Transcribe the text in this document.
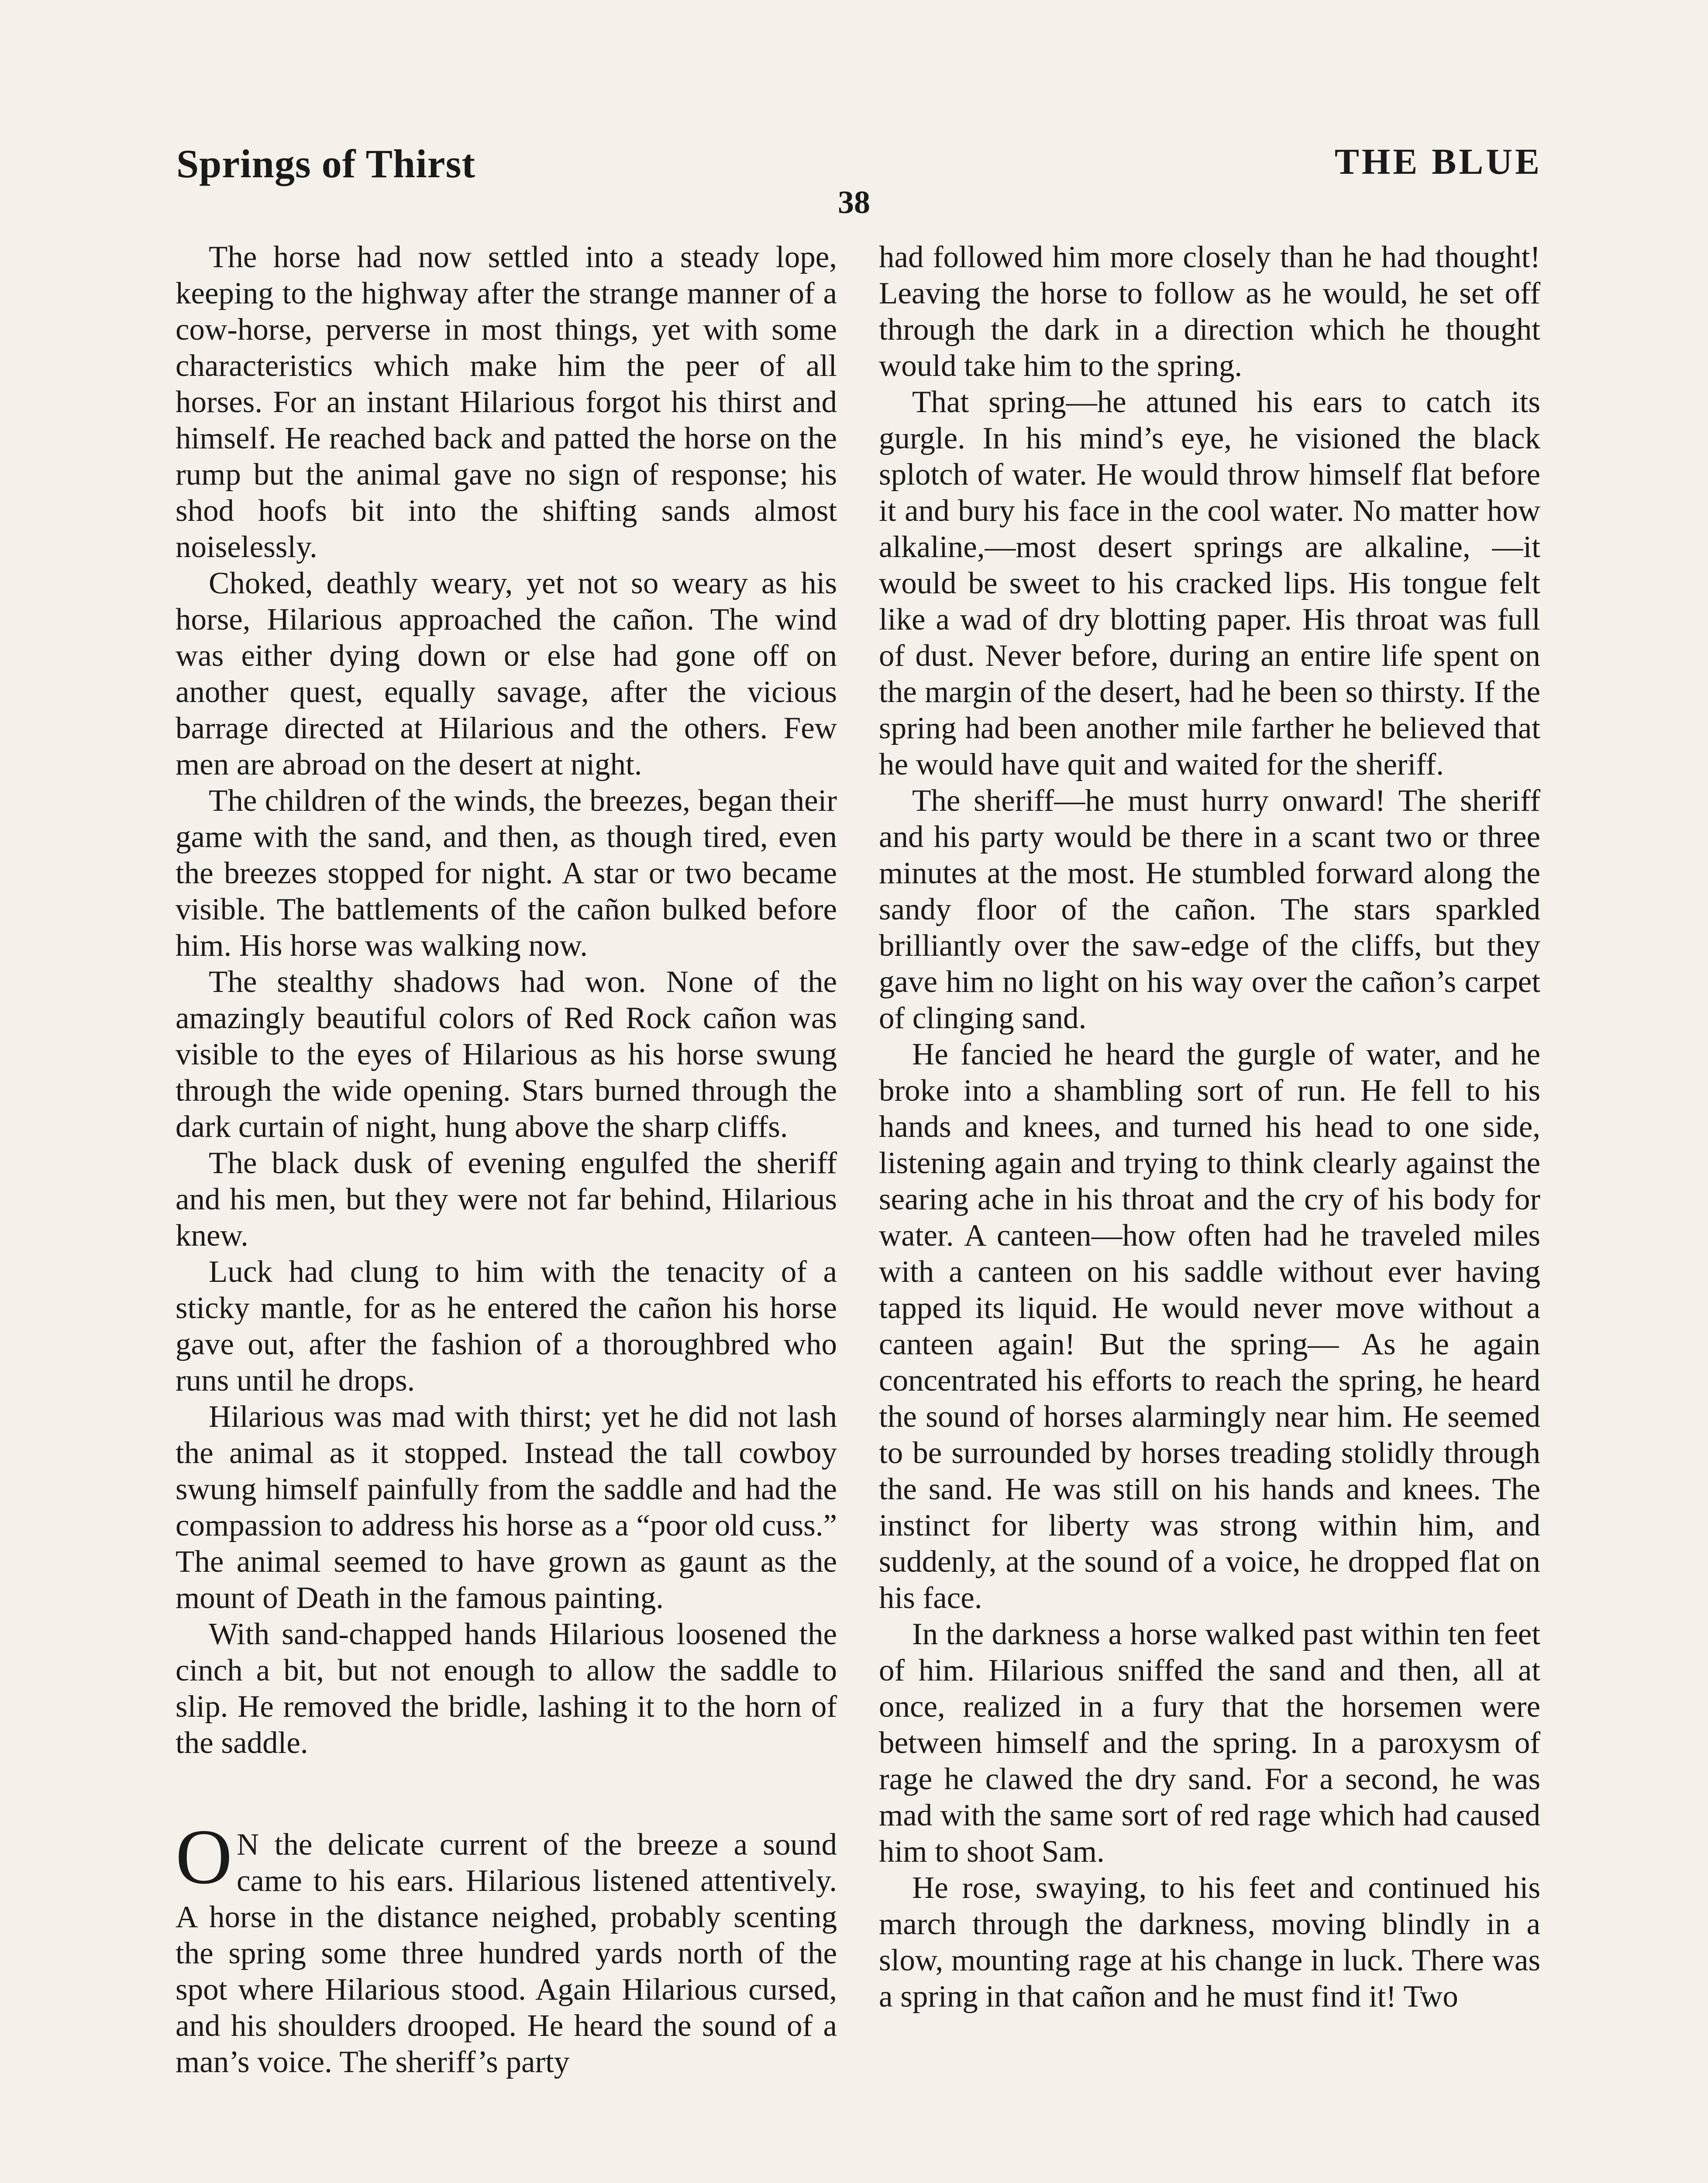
Springs of Thirst	THE BLUE
38

The horse had now settled into a steady lope, keeping to the highway after the strange manner of a cow-horse, perverse in most things, yet with some characteristics which make him the peer of all horses. For an instant Hilarious forgot his thirst and himself. He reached back and patted the horse on the rump but the animal gave no sign of response; his shod hoofs bit into the shifting sands almost noiselessly.

Choked, deathly weary, yet not so weary as his horse, Hilarious approached the cañon. The wind was either dying down or else had gone off on another quest, equally savage, after the vicious barrage directed at Hilarious and the others. Few men are abroad on the desert at night.

The children of the winds, the breezes, began their game with the sand, and then, as though tired, even the breezes stopped for night. A star or two became visible. The battlements of the cañon bulked before him. His horse was walking now.

The stealthy shadows had won. None of the amazingly beautiful colors of Red Rock cañon was visible to the eyes of Hilarious as his horse swung through the wide opening. Stars burned through the dark curtain of night, hung above the sharp cliffs.

The black dusk of evening engulfed the sheriff and his men, but they were not far behind, Hilarious knew.

Luck had clung to him with the tenacity of a sticky mantle, for as he entered the cañon his horse gave out, after the fashion of a thoroughbred who runs until he drops.

Hilarious was mad with thirst; yet he did not lash the animal as it stopped. Instead the tall cowboy swung himself painfully from the saddle and had the compassion to address his horse as a “poor old cuss.” The animal seemed to have grown as gaunt as the mount of Death in the famous painting.

With sand-chapped hands Hilarious loosened the cinch a bit, but not enough to allow the saddle to slip. He removed the bridle, lashing it to the horn of the saddle.

O N the delicate current of the breeze a sound came to his ears. Hilarious listened attentively. A horse in the distance neighed, probably scenting the spring some three hundred yards north of the spot where Hilarious stood. Again Hilarious cursed, and his shoulders drooped. He heard the sound of a man’s voice. The sheriff’s party

had followed him more closely than he had thought! Leaving the horse to follow as he would, he set off through the dark in a direction which he thought would take him to the spring.

That spring—he attuned his ears to catch its gurgle. In his mind’s eye, he visioned the black splotch of water. He would throw himself flat before it and bury his face in the cool water. No matter how alkaline,—most desert springs are alkaline, —it would be sweet to his cracked lips. His tongue felt like a wad of dry blotting paper. His throat was full of dust. Never before, during an entire life spent on the margin of the desert, had he been so thirsty. If the spring had been another mile farther he believed that he would have quit and waited for the sheriff.

The sheriff—he must hurry onward! The sheriff and his party would be there in a scant two or three minutes at the most. He stumbled forward along the sandy floor of the cañon. The stars sparkled brilliantly over the saw-edge of the cliffs, but they gave him no light on his way over the cañon’s carpet of clinging sand.

He fancied he heard the gurgle of water, and he broke into a shambling sort of run. He fell to his hands and knees, and turned his head to one side, listening again and trying to think clearly against the searing ache in his throat and the cry of his body for water. A canteen—how often had he traveled miles with a canteen on his saddle without ever having tapped its liquid. He would never move without a canteen again! But the spring— As he again concentrated his efforts to reach the spring, he heard the sound of horses alarmingly near him. He seemed to be surrounded by horses treading stolidly through the sand. He was still on his hands and knees. The instinct for liberty was strong within him, and suddenly, at the sound of a voice, he dropped flat on his face.

In the darkness a horse walked past within ten feet of him. Hilarious sniffed the sand and then, all at once, realized in a fury that the horsemen were between himself and the spring. In a paroxysm of rage he clawed the dry sand. For a second, he was mad with the same sort of red rage which had caused him to shoot Sam.

He rose, swaying, to his feet and continued his march through the darkness, moving blindly in a slow, mounting rage at his change in luck. There was a spring in that cañon and he must find it! Two
